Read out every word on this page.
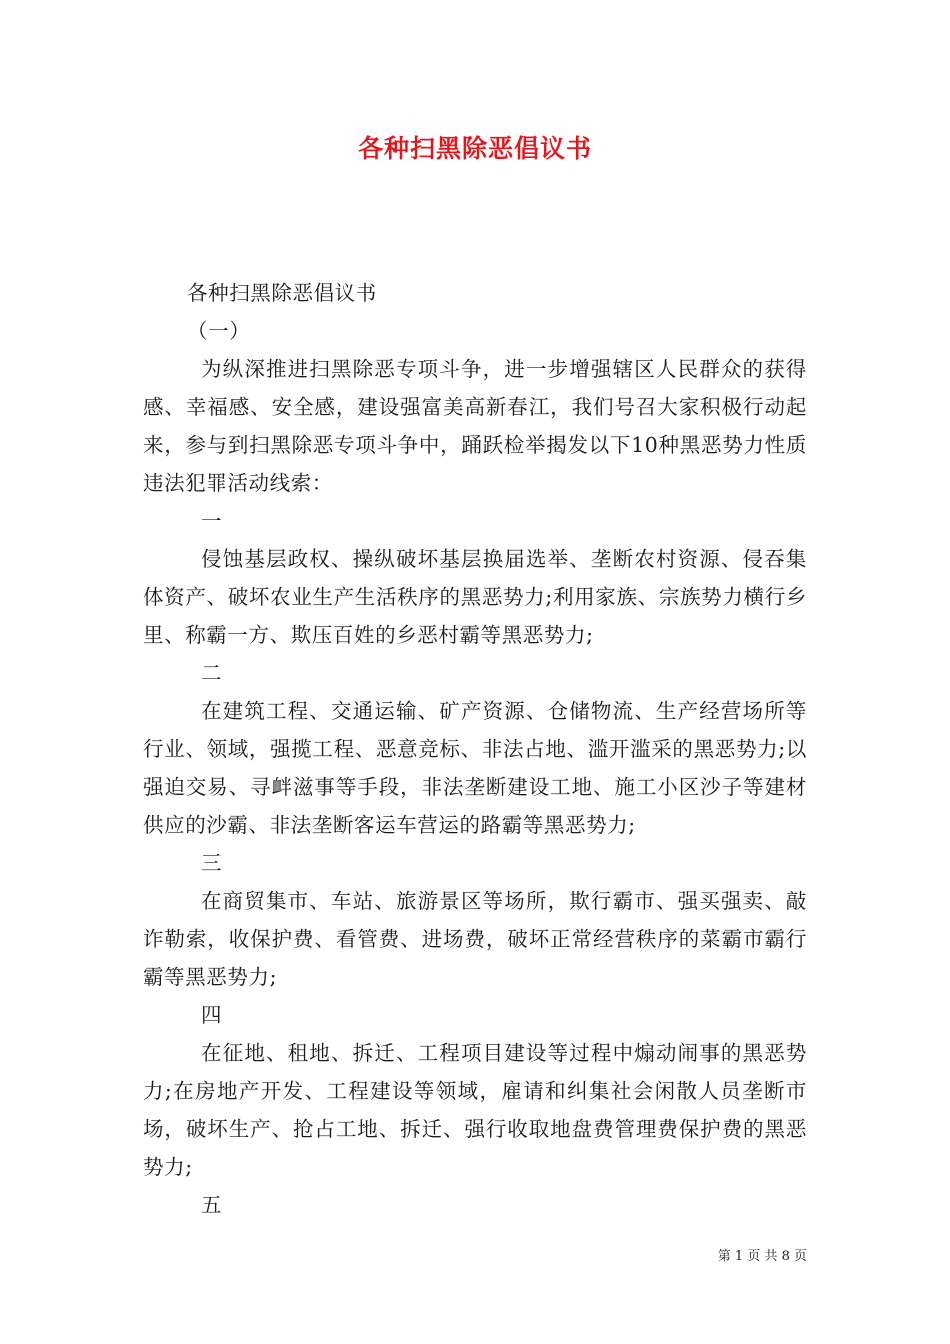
各种扫黑除恶倡议书

各种扫黑除恶倡议书

（一）

为纵深推进扫黑除恶专项斗争，进一步增强辖区人民群众的获得感、幸福感、安全感，建设强富美高新春江，我们号召大家积极行动起来，参与到扫黑除恶专项斗争中，踊跃检举揭发以下10种黑恶势力性质违法犯罪活动线索：

一

侵蚀基层政权、操纵破坏基层换届选举、垄断农村资源、侵吞集体资产、破坏农业生产生活秩序的黑恶势力;利用家族、宗族势力横行乡里、称霸一方、欺压百姓的乡恶村霸等黑恶势力;

二

在建筑工程、交通运输、矿产资源、仓储物流、生产经营场所等行业、领域，强揽工程、恶意竞标、非法占地、滥开滥采的黑恶势力;以强迫交易、寻衅滋事等手段，非法垄断建设工地、施工小区沙子等建材供应的沙霸、非法垄断客运车营运的路霸等黑恶势力;

三

在商贸集市、车站、旅游景区等场所，欺行霸市、强买强卖、敲诈勒索，收保护费、看管费、进场费，破坏正常经营秩序的菜霸市霸行霸等黑恶势力;

四

在征地、租地、拆迁、工程项目建设等过程中煽动闹事的黑恶势力;在房地产开发、工程建设等领域，雇请和纠集社会闲散人员垄断市场，破坏生产、抢占工地、拆迁、强行收取地盘费管理费保护费的黑恶势力;

五

第 1 页 共 8 页
